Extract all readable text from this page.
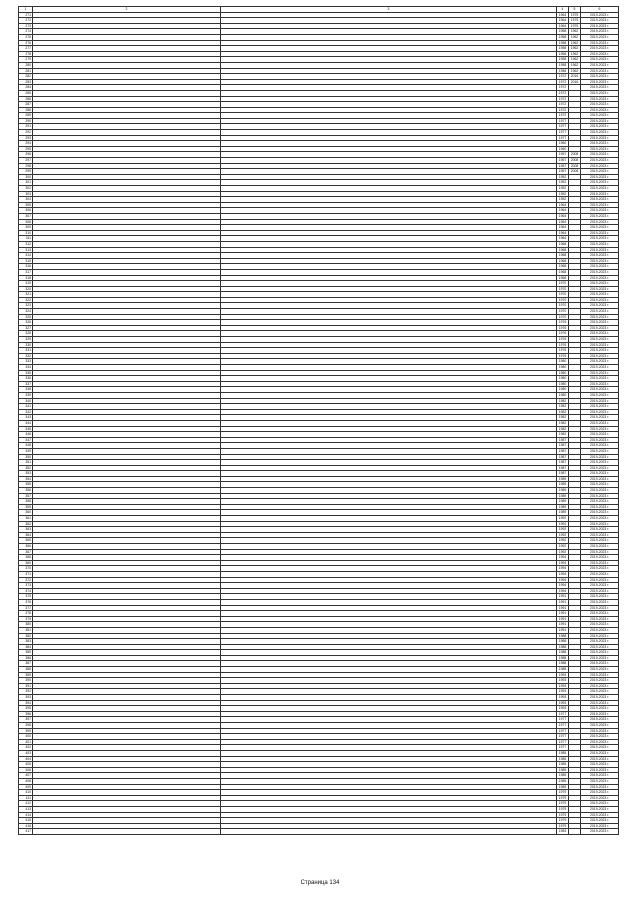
1	2	3	4	5	6
271			1964	1975	2019-2023 г.
272			1964	1975	2019-2023 г.
273			1964	1975	2019-2023 г.
274			1958	1962	2019-2023 г.
275			1958	1962	2019-2023 г.
276			1958	1962	2019-2023 г.
277			1958	1962	2019-2023 г.
278			1958	1962	2019-2023 г.
279			1958	1962	2019-2023 г.
280			1958	1962	2019-2023 г.
281			1958	1962	2019-2023 г.
282			1972	2016	2019-2023 г.
283			1972	2016	2019-2023 г.
284			1972		2019-2023 г.
285			1972		2019-2023 г.
286			1972		2019-2023 г.
287			1972		2019-2023 г.
288			1972		2019-2023 г.
289			1972		2019-2023 г.
290			1977		2019-2023 г.
291			1977		2019-2023 г.
292			1977		2019-2023 г.
293			1977		2019-2023 г.
294			1960		2019-2023 г.
295			1960		2019-2023 г.
296			1957	2008	2019-2023 г.
297			1957	2008	2019-2023 г.
298			1957	2008	2019-2023 г.
299			1957	2008	2019-2023 г.
300			1952		2019-2023 г.
301			1952		2019-2023 г.
302			1952		2019-2023 г.
303			1952		2019-2023 г.
304			1952		2019-2023 г.
305			1964		2019-2023 г.
306			1964		2019-2023 г.
307			1964		2019-2023 г.
308			1964		2019-2023 г.
309			1964		2019-2023 г.
310			1964		2019-2023 г.
311			1964		2019-2023 г.
312			1968		2019-2023 г.
313			1968		2019-2023 г.
314			1968		2019-2023 г.
315			1968		2019-2023 г.
316			1968		2019-2023 г.
317			1968		2019-2023 г.
318			1968		2019-2023 г.
319			1970		2019-2023 г.
320			1970		2019-2023 г.
321			1970		2019-2023 г.
322			1970		2019-2023 г.
323			1970		2019-2023 г.
324			1970		2019-2023 г.
325			1970		2019-2023 г.
326			1976		2019-2023 г.
327			1976		2019-2023 г.
328			1976		2019-2023 г.
329			1976		2019-2023 г.
330			1976		2019-2023 г.
331			1976		2019-2023 г.
332			1976		2019-2023 г.
333			1980		2019-2023 г.
334			1980		2019-2023 г.
335			1980		2019-2023 г.
336			1980		2019-2023 г.
337			1980		2019-2023 г.
338			1980		2019-2023 г.
339			1980		2019-2023 г.
340			1982		2019-2023 г.
341			1982		2019-2023 г.
342			1982		2019-2023 г.
343			1982		2019-2023 г.
344			1982		2019-2023 г.
345			1982		2019-2023 г.
346			1982		2019-2023 г.
347			1987		2019-2023 г.
348			1987		2019-2023 г.
349			1987		2019-2023 г.
350			1987		2019-2023 г.
351			1987		2019-2023 г.
352			1987		2019-2023 г.
353			1987		2019-2023 г.
354			1989		2019-2023 г.
355			1989		2019-2023 г.
356			1989		2019-2023 г.
357			1989		2019-2023 г.
358			1989		2019-2023 г.
359			1989		2019-2023 г.
360			1989		2019-2023 г.
361			1992		2019-2023 г.
362			1992		2019-2023 г.
363			1992		2019-2023 г.
364			1992		2019-2023 г.
365			1992		2019-2023 г.
366			1992		2019-2023 г.
367			1992		2019-2023 г.
368			1994		2019-2023 г.
369			1994		2019-2023 г.
370			1994		2019-2023 г.
371			1994		2019-2023 г.
372			1994		2019-2023 г.
373			1994		2019-2023 г.
374			1994		2019-2023 г.
375			1991		2019-2023 г.
376			1991		2019-2023 г.
377			1991		2019-2023 г.
378			1991		2019-2023 г.
379			1991		2019-2023 г.
380			1991		2019-2023 г.
381			1991		2019-2023 г.
382			1988		2019-2023 г.
383			1988		2019-2023 г.
384			1988		2019-2023 г.
385			1988		2019-2023 г.
386			1988		2019-2023 г.
387			1988		2019-2023 г.
388			1988		2019-2023 г.
389			1993		2019-2023 г.
390			1993		2019-2023 г.
391			1993		2019-2023 г.
392			1993		2019-2023 г.
393			1993		2019-2023 г.
394			1993		2019-2023 г.
395			1993		2019-2023 г.
396			1977		2019-2023 г.
397			1977		2019-2023 г.
398			1977		2019-2023 г.
399			1977		2019-2023 г.
400			1977		2019-2023 г.
401			1977		2019-2023 г.
402			1977		2019-2023 г.
403			1985		2019-2023 г.
404			1985		2019-2023 г.
405			1985		2019-2023 г.
406			1985		2019-2023 г.
407			1985		2019-2023 г.
408			1985		2019-2023 г.
409			1985		2019-2023 г.
410			1979		2019-2023 г.
411			1979		2019-2023 г.
412			1979		2019-2023 г.
413			1979		2019-2023 г.
414			1979		2019-2023 г.
415			1979		2019-2023 г.
416			1979		2019-2023 г.
417			1983		2019-2023 г.
Страница 134
